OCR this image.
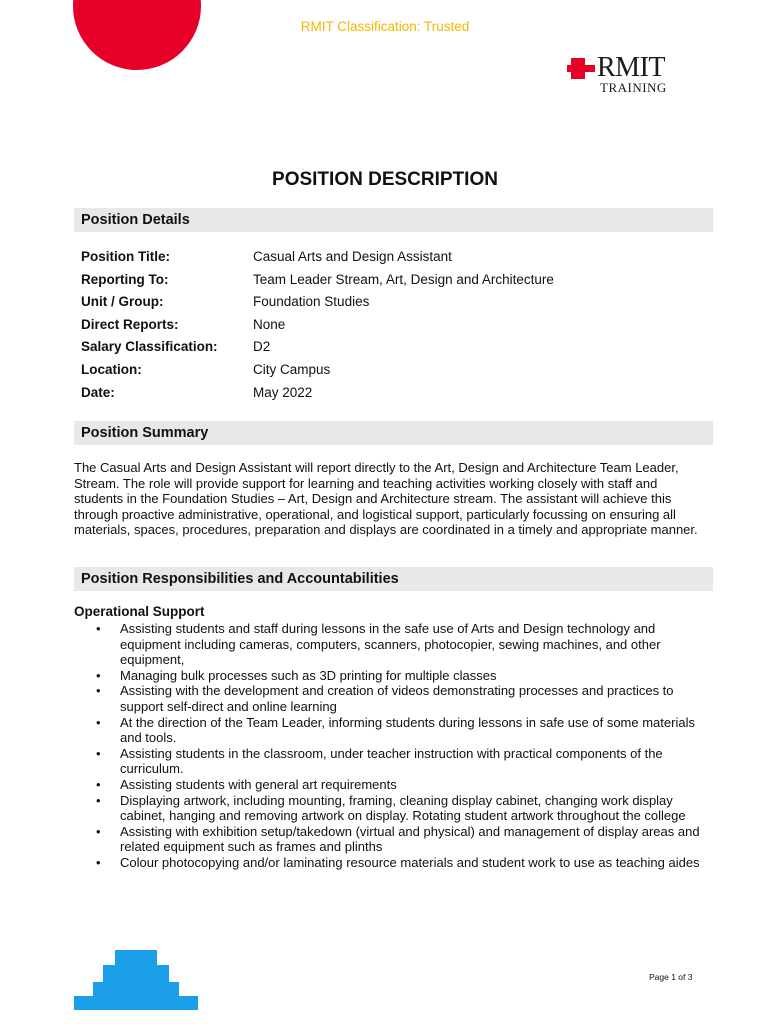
RMIT Classification: Trusted
RMIT
TRAINING
POSITION DESCRIPTION
Position Details
Position Title:	Casual Arts and Design Assistant
Reporting To:	Team Leader Stream, Art, Design and Architecture
Unit / Group:	Foundation Studies
Direct Reports:	None
Salary Classification:	D2
Location:	City Campus
Date:	May 2022
Position Summary
The Casual Arts and Design Assistant will report directly to the Art, Design and Architecture Team Leader, Stream. The role will provide support for learning and teaching activities working closely with staff and students in the Foundation Studies – Art, Design and Architecture stream. The assistant will achieve this through proactive administrative, operational, and logistical support, particularly focussing on ensuring all materials, spaces, procedures, preparation and displays are coordinated in a timely and appropriate manner.
Position Responsibilities and Accountabilities
Operational Support
• Assisting students and staff during lessons in the safe use of Arts and Design technology and equipment including cameras, computers, scanners, photocopier, sewing machines, and other equipment,
• Managing bulk processes such as 3D printing for multiple classes
• Assisting with the development and creation of videos demonstrating processes and practices to support self-direct and online learning
• At the direction of the Team Leader, informing students during lessons in safe use of some materials and tools.
• Assisting students in the classroom, under teacher instruction with practical components of the curriculum.
• Assisting students with general art requirements
• Displaying artwork, including mounting, framing, cleaning display cabinet, changing work display cabinet, hanging and removing artwork on display. Rotating student artwork throughout the college
• Assisting with exhibition setup/takedown (virtual and physical) and management of display areas and related equipment such as frames and plinths
• Colour photocopying and/or laminating resource materials and student work to use as teaching aides
Page 1 of 3
